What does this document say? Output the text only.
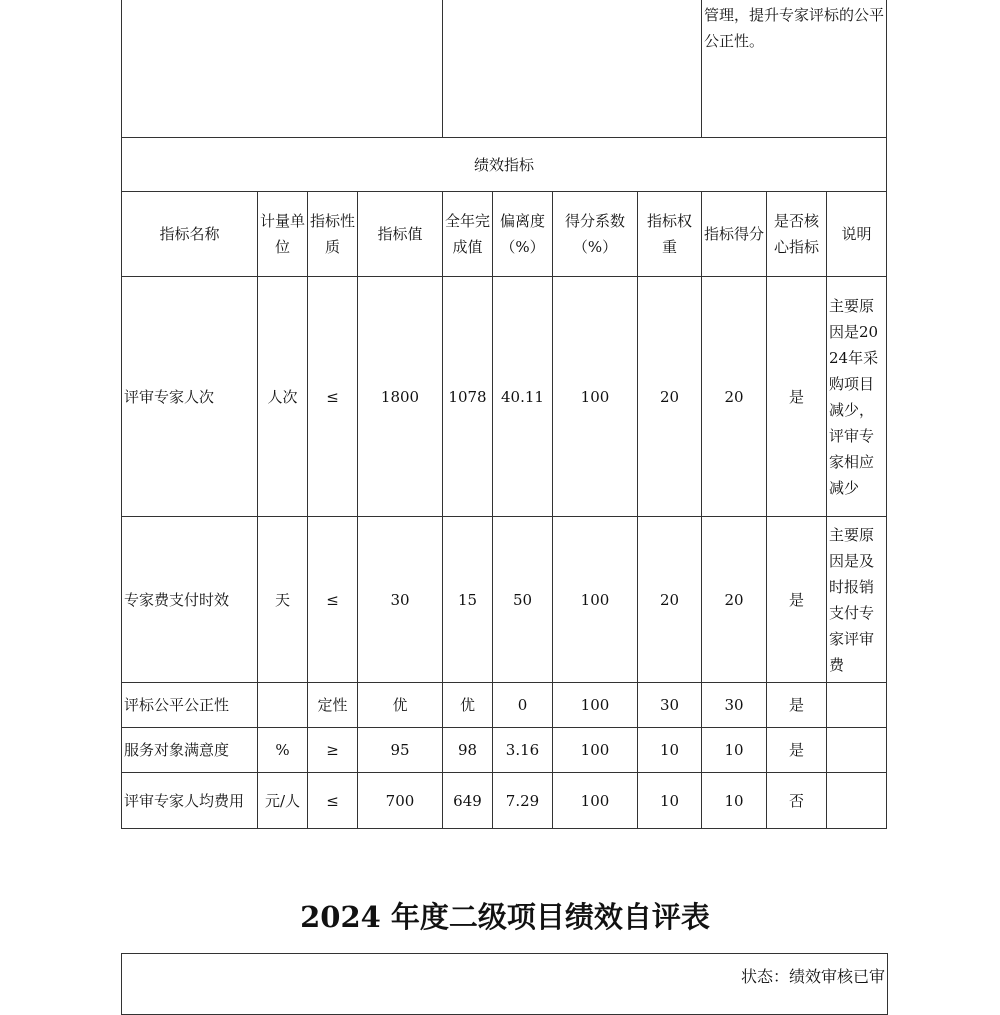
		管理，提升专家评标的公平公正性。
绩效指标										
指标名称	计量单位	指标性质	指标值	全年完成值	偏离度（%）	得分系数（%）	指标权重	指标得分	是否核心指标	说明
评审专家人次	人次	≤	1800	1078	40.11	100	20	20	是	主要原因是2024年采购项目减少，评审专家相应减少
专家费支付时效	天	≤	30	15	50	100	20	20	是	主要原因是及时报销支付专家评审费
评标公平公正性		定性	优	优	0	100	30	30	是	
服务对象满意度	%	≥	95	98	3.16	100	10	10	是	
评审专家人均费用	元/人	≤	700	649	7.29	100	10	10	否	
2024 年度二级项目绩效自评表
状态：绩效审核已审
